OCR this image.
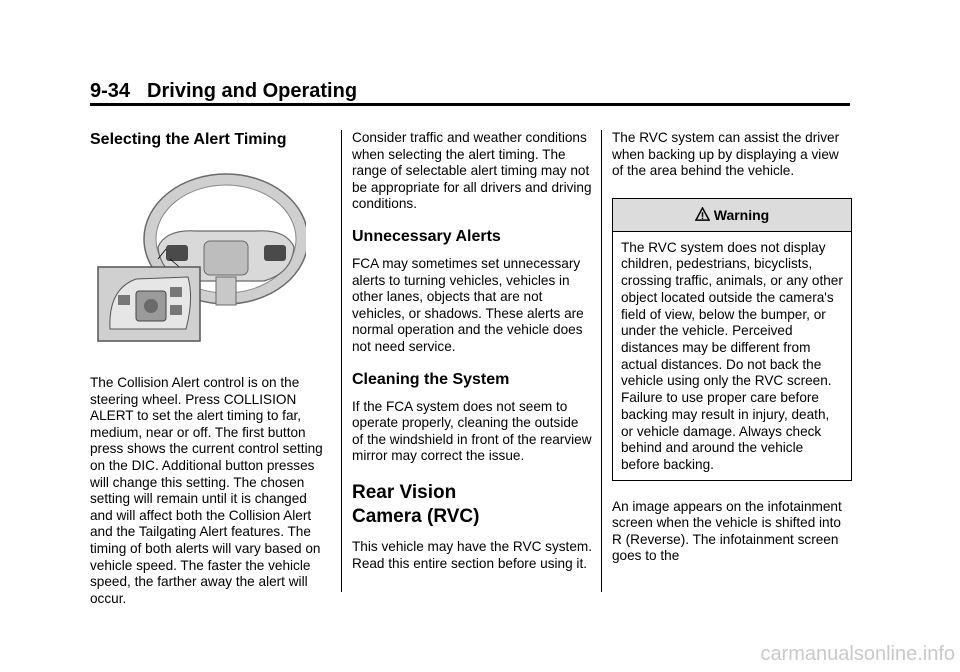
9-34 Driving and Operating
Selecting the Alert Timing

The Collision Alert control is on the steering wheel. Press COLLISION ALERT to set the alert timing to far, medium, near or off. The first button press shows the current control setting on the DIC. Additional button presses will change this setting. The chosen setting will remain until it is changed and will affect both the Collision Alert and the Tailgating Alert features. The timing of both alerts will vary based on vehicle speed. The faster the vehicle speed, the farther away the alert will occur.

Consider traffic and weather conditions when selecting the alert timing. The range of selectable alert timing may not be appropriate for all drivers and driving conditions.

Unnecessary Alerts

FCA may sometimes set unnecessary alerts to turning vehicles, vehicles in other lanes, objects that are not vehicles, or shadows. These alerts are normal operation and the vehicle does not need service.

Cleaning the System

If the FCA system does not seem to operate properly, cleaning the outside of the windshield in front of the rearview mirror may correct the issue.

Rear Vision
Camera (RVC)

This vehicle may have the RVC system. Read this entire section before using it.

The RVC system can assist the driver when backing up by displaying a view of the area behind the vehicle.

Warning
The RVC system does not display children, pedestrians, bicyclists, crossing traffic, animals, or any other object located outside the camera's field of view, below the bumper, or under the vehicle. Perceived distances may be different from actual distances. Do not back the vehicle using only the RVC screen. Failure to use proper care before backing may result in injury, death, or vehicle damage. Always check behind and around the vehicle before backing.

An image appears on the infotainment screen when the vehicle is shifted into R (Reverse). The infotainment screen goes to the

carmanualsonline.info
